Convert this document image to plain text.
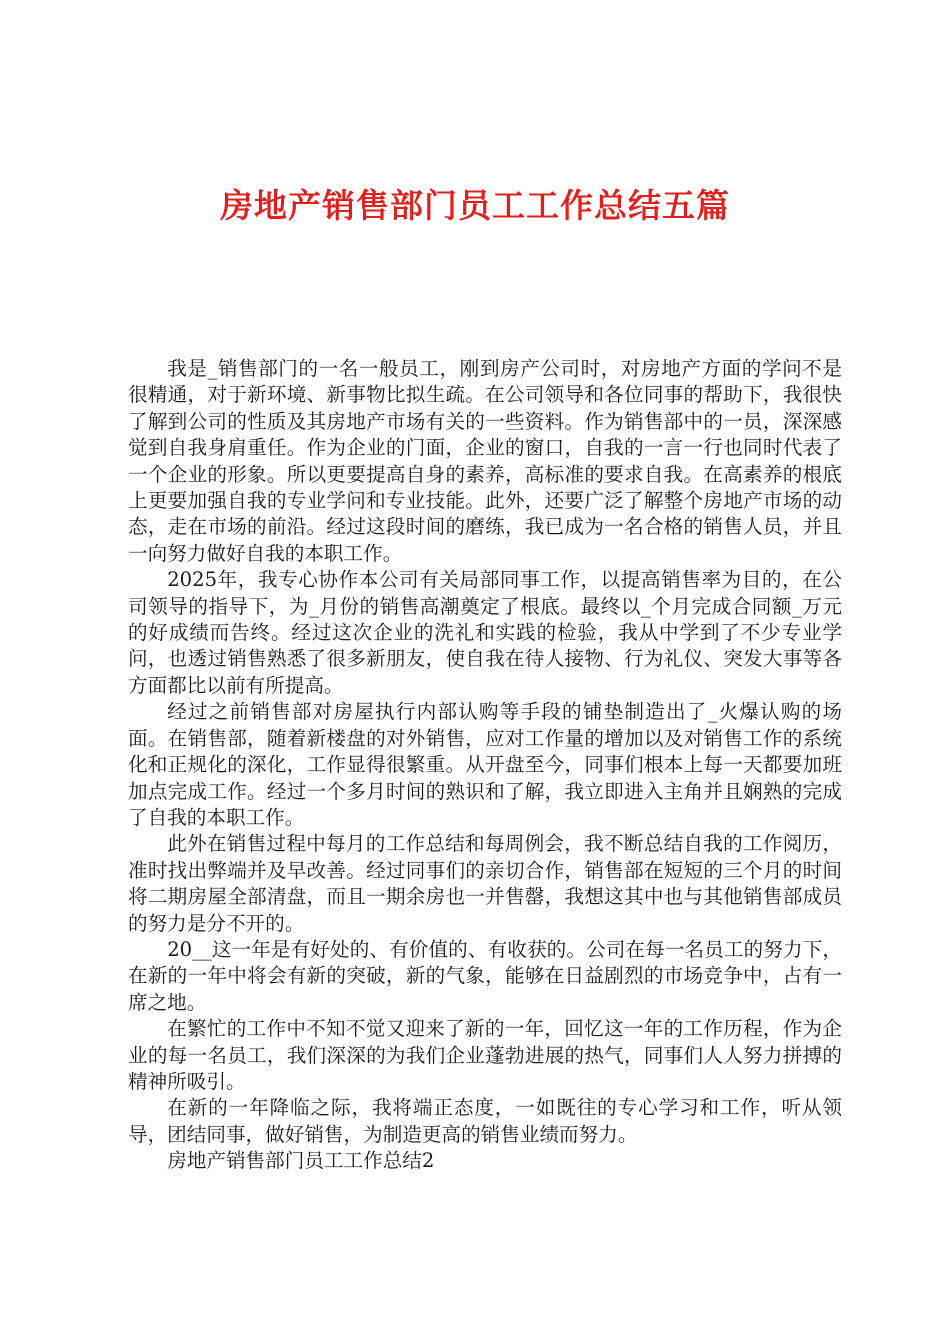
房地产销售部门员工工作总结五篇

我是_销售部门的一名一般员工，刚到房产公司时，对房地产方面的学问不是很精通，对于新环境、新事物比拟生疏。在公司领导和各位同事的帮助下，我很快了解到公司的性质及其房地产市场有关的一些资料。作为销售部中的一员，深深感觉到自我身肩重任。作为企业的门面，企业的窗口，自我的一言一行也同时代表了一个企业的形象。所以更要提高自身的素养，高标准的要求自我。在高素养的根底上更要加强自我的专业学问和专业技能。此外，还要广泛了解整个房地产市场的动态，走在市场的前沿。经过这段时间的磨练，我已成为一名合格的销售人员，并且一向努力做好自我的本职工作。

2025年，我专心协作本公司有关局部同事工作，以提高销售率为目的，在公司领导的指导下，为_月份的销售高潮奠定了根底。最终以_个月完成合同额_万元的好成绩而告终。经过这次企业的洗礼和实践的检验，我从中学到了不少专业学问，也透过销售熟悉了很多新朋友，使自我在待人接物、行为礼仪、突发大事等各方面都比以前有所提高。

经过之前销售部对房屋执行内部认购等手段的铺垫制造出了_火爆认购的场面。在销售部，随着新楼盘的对外销售，应对工作量的增加以及对销售工作的系统化和正规化的深化，工作显得很繁重。从开盘至今，同事们根本上每一天都要加班加点完成工作。经过一个多月时间的熟识和了解，我立即进入主角并且娴熟的完成了自我的本职工作。

此外在销售过程中每月的工作总结和每周例会，我不断总结自我的工作阅历，准时找出弊端并及早改善。经过同事们的亲切合作，销售部在短短的三个月的时间将二期房屋全部清盘，而且一期余房也一并售罄，我想这其中也与其他销售部成员的努力是分不开的。

20__这一年是有好处的、有价值的、有收获的。公司在每一名员工的努力下，在新的一年中将会有新的突破，新的气象，能够在日益剧烈的市场竞争中，占有一席之地。

在繁忙的工作中不知不觉又迎来了新的一年，回忆这一年的工作历程，作为企业的每一名员工，我们深深的为我们企业蓬勃进展的热气，同事们人人努力拼搏的精神所吸引。

在新的一年降临之际，我将端正态度，一如既往的专心学习和工作，听从领导，团结同事，做好销售，为制造更高的销售业绩而努力。

房地产销售部门员工工作总结2
